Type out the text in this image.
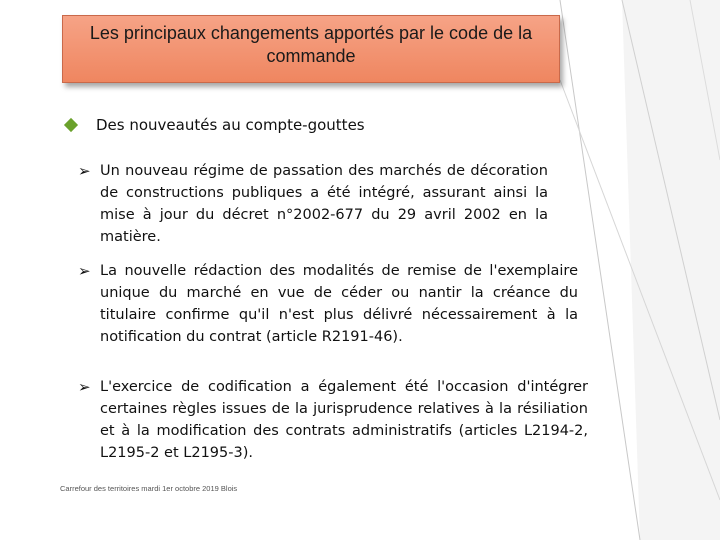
Les principaux changements apportés par le code de la commande
Des nouveautés au compte-gouttes
➢ Un nouveau régime de passation des marchés de décoration de constructions publiques a été intégré, assurant ainsi la mise à jour du décret n°2002-677 du 29 avril 2002 en la matière.
➢ La nouvelle rédaction des modalités de remise de l'exemplaire unique du marché en vue de céder ou nantir la créance du titulaire confirme qu'il n'est plus délivré nécessairement à la notification du contrat (article R2191-46).
➢ L'exercice de codification a également été l'occasion d'intégrer certaines règles issues de la jurisprudence relatives à la résiliation et à la modification des contrats administratifs (articles L2194-2, L2195-2 et L2195-3).
Carrefour des territoires mardi 1er octobre 2019 Blois
